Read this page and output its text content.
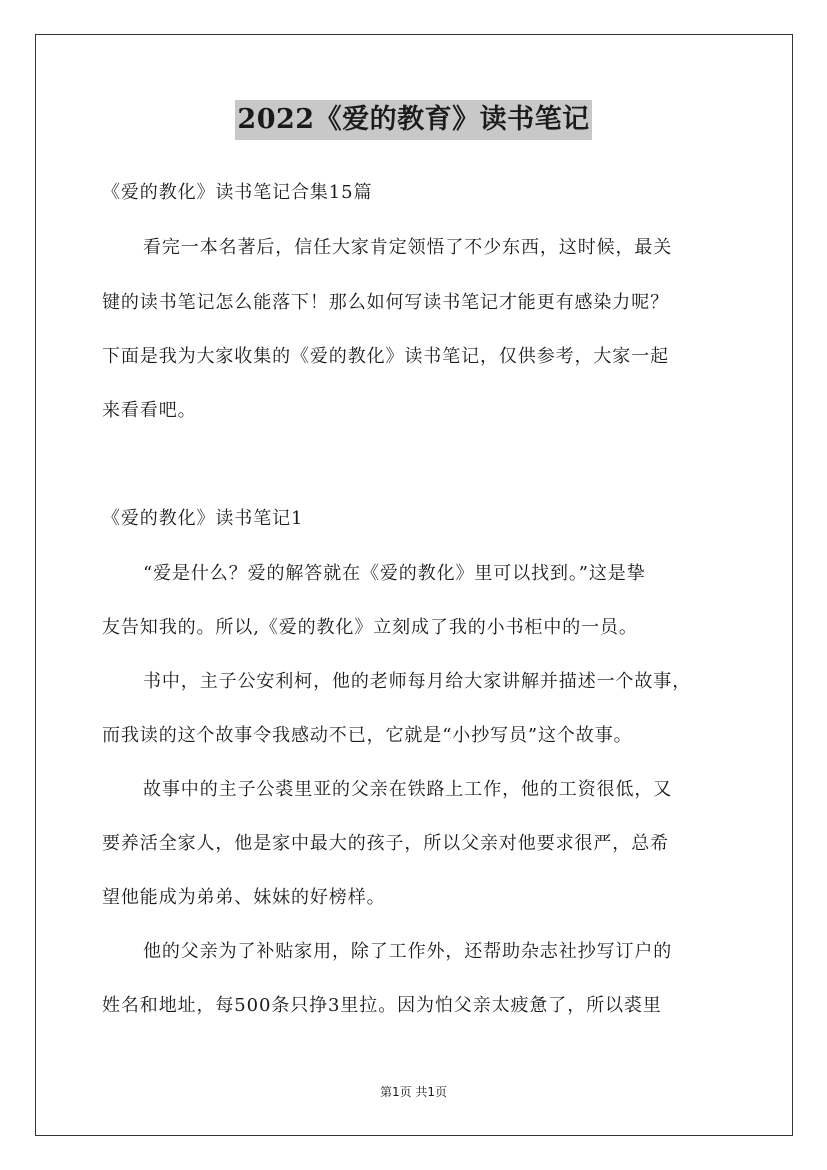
2022《爱的教育》读书笔记
《爱的教化》读书笔记合集15篇
看完一本名著后，信任大家肯定领悟了不少东西，这时候，最关
键的读书笔记怎么能落下！那么如何写读书笔记才能更有感染力呢？
下面是我为大家收集的《爱的教化》读书笔记，仅供参考，大家一起
来看看吧。
《爱的教化》读书笔记1
“爱是什么？爱的解答就在《爱的教化》里可以找到。”这是挚
友告知我的。所以,《爱的教化》立刻成了我的小书柜中的一员。
书中，主子公安利柯，他的老师每月给大家讲解并描述一个故事，
而我读的这个故事令我感动不已，它就是“小抄写员”这个故事。
故事中的主子公裘里亚的父亲在铁路上工作，他的工资很低，又
要养活全家人，他是家中最大的孩子，所以父亲对他要求很严，总希
望他能成为弟弟、妹妹的好榜样。
他的父亲为了补贴家用，除了工作外，还帮助杂志社抄写订户的
姓名和地址，每500条只挣3里拉。因为怕父亲太疲惫了，所以裘里
第1页 共1页
